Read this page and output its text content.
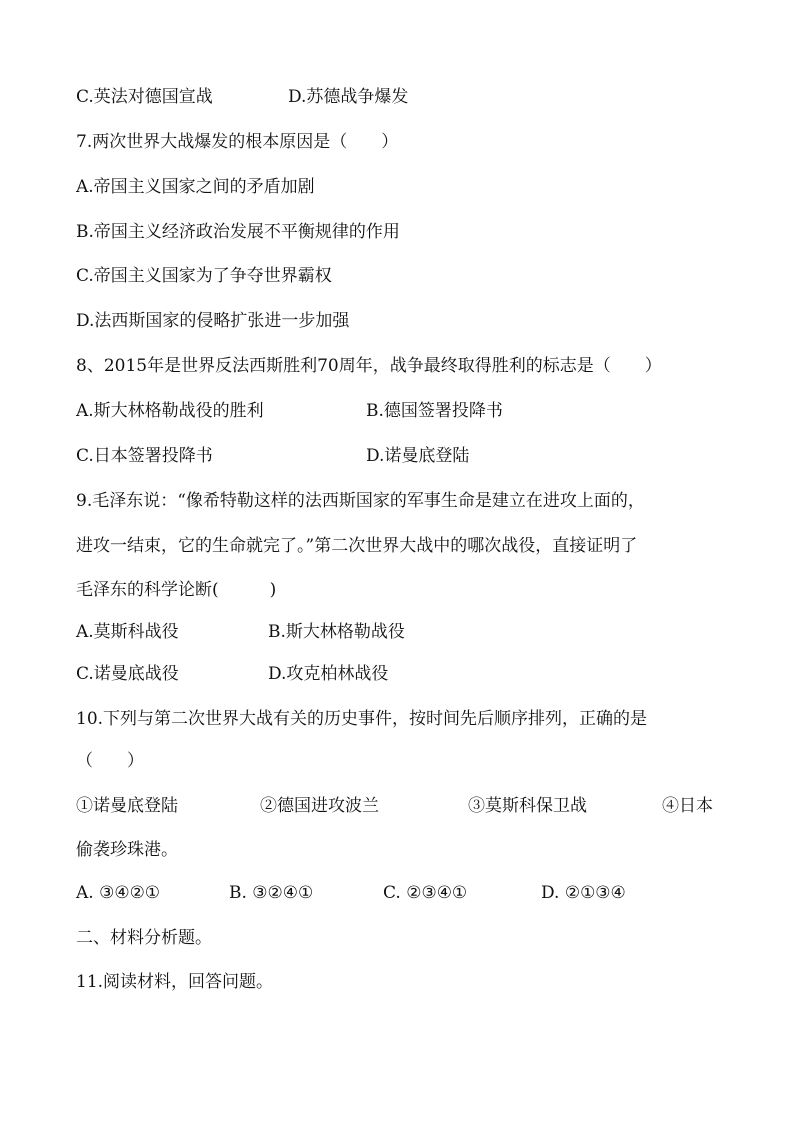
C.英法对德国宣战	D.苏德战争爆发
7.两次世界大战爆发的根本原因是（　　）
A.帝国主义国家之间的矛盾加剧
B.帝国主义经济政治发展不平衡规律的作用
C.帝国主义国家为了争夺世界霸权
D.法西斯国家的侵略扩张进一步加强
8、2015年是世界反法西斯胜利70周年，战争最终取得胜利的标志是（　　）
A.斯大林格勒战役的胜利	B.德国签署投降书
C.日本签署投降书	D.诺曼底登陆
9.毛泽东说：“像希特勒这样的法西斯国家的军事生命是建立在进攻上面的，
进攻一结束，它的生命就完了。”第二次世界大战中的哪次战役，直接证明了
毛泽东的科学论断(　　　)
A.莫斯科战役	B.斯大林格勒战役
C.诺曼底战役	D.攻克柏林战役
10.下列与第二次世界大战有关的历史事件，按时间先后顺序排列，正确的是
（　　）
①诺曼底登陆	②德国进攻波兰	③莫斯科保卫战	④日本
偷袭珍珠港。
A. ③④②①	B. ③②④①	C. ②③④①	D. ②①③④
二、材料分析题。
11.阅读材料，回答问题。
